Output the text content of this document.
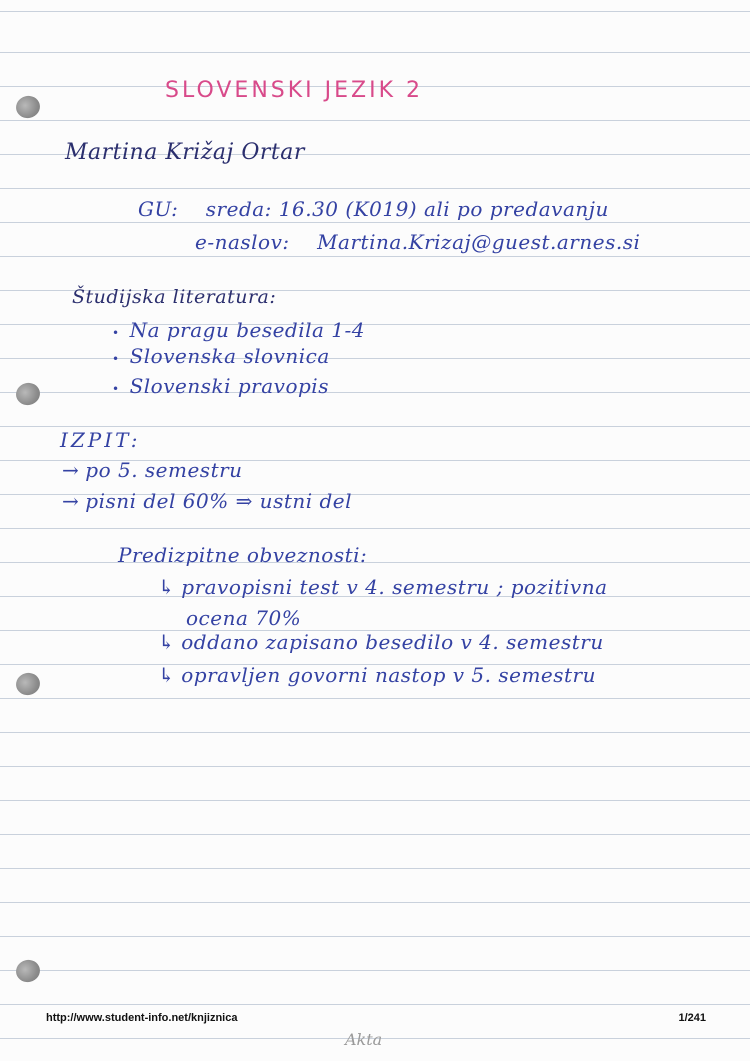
SLOVENSKI JEZIK 2
Martina Križaj Ortar
GU: sreda: 16.30 (K019) ali po predavanju
e-naslov: Martina.Krizaj@guest.arnes.si
Študijska literatura:
• Na pragu besedila 1-4
• Slovenska slovnica
• Slovenski pravopis
IZPIT:
→ po 5. semestru
→ pisni del 60% ⇒ ustni del
Predizpitne obveznosti:
↳ pravopisni test v 4. semestru ; pozitivna
ocena 70%
↳ oddano zapisano besedilo v 4. semestru
↳ opravljen govorni nastop v 5. semestru
http://www.student-info.net/knjiznica	1/241
Akta
